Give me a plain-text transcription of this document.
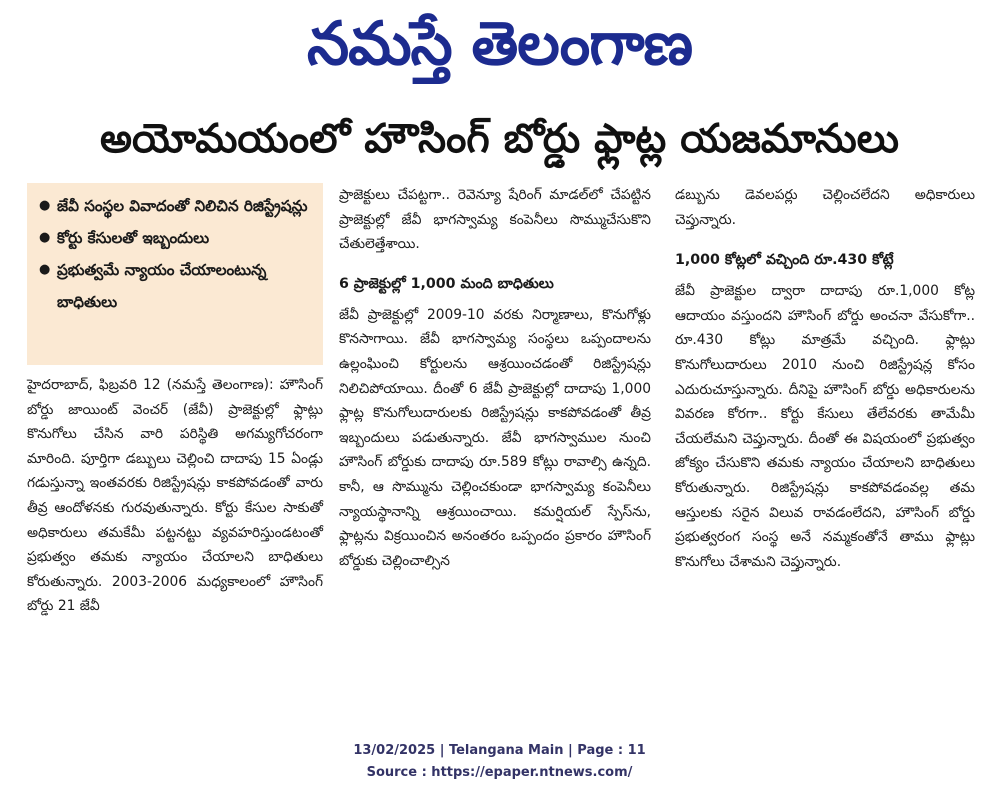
నమస్తే తెలంగాణ
అయోమయంలో హౌసింగ్ బోర్డు ఫ్లాట్ల యజమానులు
● జేవీ సంస్థల వివాదంతో నిలిచిన రిజిస్ట్రేషన్లు
● కోర్టు కేసులతో ఇబ్బందులు
● ప్రభుత్వమే న్యాయం చేయాలంటున్న బాధితులు

హైదరాబాద్, ఫిబ్రవరి 12 (నమస్తే తెలంగాణ): హౌసింగ్ బోర్డు జాయింట్ వెంచర్ (జేవీ) ప్రాజెక్టుల్లో ఫ్లాట్లు కొనుగోలు చేసిన వారి పరిస్థితి అగమ్యగోచరంగా మారింది. పూర్తిగా డబ్బులు చెల్లించి దాదాపు 15 ఏండ్లు గడుస్తున్నా ఇంతవరకు రిజిస్ట్రేషన్లు కాకపోవడంతో వారు తీవ్ర ఆందోళనకు గురవుతున్నారు. కోర్టు కేసుల సాకుతో అధికారులు తమకేమీ పట్టనట్టు వ్యవహరిస్తుండటంతో ప్రభుత్వం తమకు న్యాయం చేయాలని బాధితులు కోరుతున్నారు. 2003-2006 మధ్యకాలంలో హౌసింగ్ బోర్డు 21 జేవీ

ప్రాజెక్టులు చేపట్టగా.. రెవెన్యూ షేరింగ్ మాడల్‌లో చేపట్టిన ప్రాజెక్టుల్లో జేవీ భాగస్వామ్య కంపెనీలు సొమ్ముచేసుకొని చేతులెత్తేశాయి.

6 ప్రాజెక్టుల్లో 1,000 మంది బాధితులు

జేవీ ప్రాజెక్టుల్లో 2009-10 వరకు నిర్మాణాలు, కొనుగోళ్లు కొనసాగాయి. జేవీ భాగస్వామ్య సంస్థలు ఒప్పందాలను ఉల్లంఘించి కోర్టులను ఆశ్రయించడంతో రిజిస్ట్రేషన్లు నిలిచిపోయాయి. దీంతో 6 జేవీ ప్రాజెక్టుల్లో దాదాపు 1,000 ఫ్లాట్ల కొనుగోలుదారులకు రిజిస్ట్రేషన్లు కాకపోవడంతో తీవ్ర ఇబ్బందులు పడుతున్నారు. జేవీ భాగస్వాముల నుంచి హౌసింగ్ బోర్డుకు దాదాపు రూ.589 కోట్లు రావాల్సి ఉన్నది. కానీ, ఆ సొమ్మును చెల్లించకుండా భాగస్వామ్య కంపెనీలు న్యాయస్థానాన్ని ఆశ్రయించాయి. కమర్షియల్ స్పేస్‌ను, ఫ్లాట్లను విక్రయించిన అనంతరం ఒప్పందం ప్రకారం హౌసింగ్ బోర్డుకు చెల్లించాల్సిన

డబ్బును డెవలపర్లు చెల్లించలేదని అధికారులు చెప్తున్నారు.

1,000 కోట్లలో వచ్చింది రూ.430 కోట్లే

జేవీ ప్రాజెక్టుల ద్వారా దాదాపు రూ.1,000 కోట్ల ఆదాయం వస్తుందని హౌసింగ్ బోర్డు అంచనా వేసుకోగా.. రూ.430 కోట్లు మాత్రమే వచ్చింది. ఫ్లాట్లు కొనుగోలుదారులు 2010 నుంచి రిజిస్ట్రేషన్ల కోసం ఎదురుచూస్తున్నారు. దీనిపై హౌసింగ్ బోర్డు అధికారులను వివరణ కోరగా.. కోర్టు కేసులు తేలేవరకు తామేమీ చేయలేమని చెప్తున్నారు. దీంతో ఈ విషయంలో ప్రభుత్వం జోక్యం చేసుకొని తమకు న్యాయం చేయాలని బాధితులు కోరుతున్నారు. రిజిస్ట్రేషన్లు కాకపోవడంవల్ల తమ ఆస్తులకు సరైన విలువ రావడంలేదని, హౌసింగ్ బోర్డు ప్రభుత్వరంగ సంస్థ అనే నమ్మకంతోనే తాము ఫ్లాట్లు కొనుగోలు చేశామని చెప్తున్నారు.

13/02/2025 | Telangana Main | Page : 11
Source : https://epaper.ntnews.com/
